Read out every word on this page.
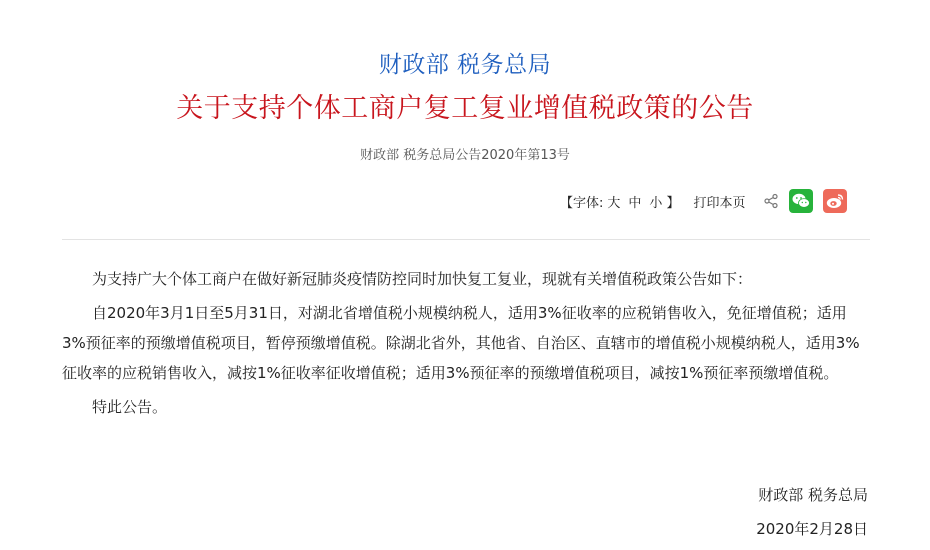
财政部 税务总局
关于支持个体工商户复工复业增值税政策的公告
财政部 税务总局公告2020年第13号
【字体: 大 中 小 】 打印本页

为支持广大个体工商户在做好新冠肺炎疫情防控同时加快复工复业，现就有关增值税政策公告如下：

自2020年3月1日至5月31日，对湖北省增值税小规模纳税人，适用3%征收率的应税销售收入，免征增值税；适用3%预征率的预缴增值税项目，暂停预缴增值税。除湖北省外，其他省、自治区、直辖市的增值税小规模纳税人，适用3%征收率的应税销售收入，减按1%征收率征收增值税；适用3%预征率的预缴增值税项目，减按1%预征率预缴增值税。

特此公告。

财政部 税务总局
2020年2月28日
